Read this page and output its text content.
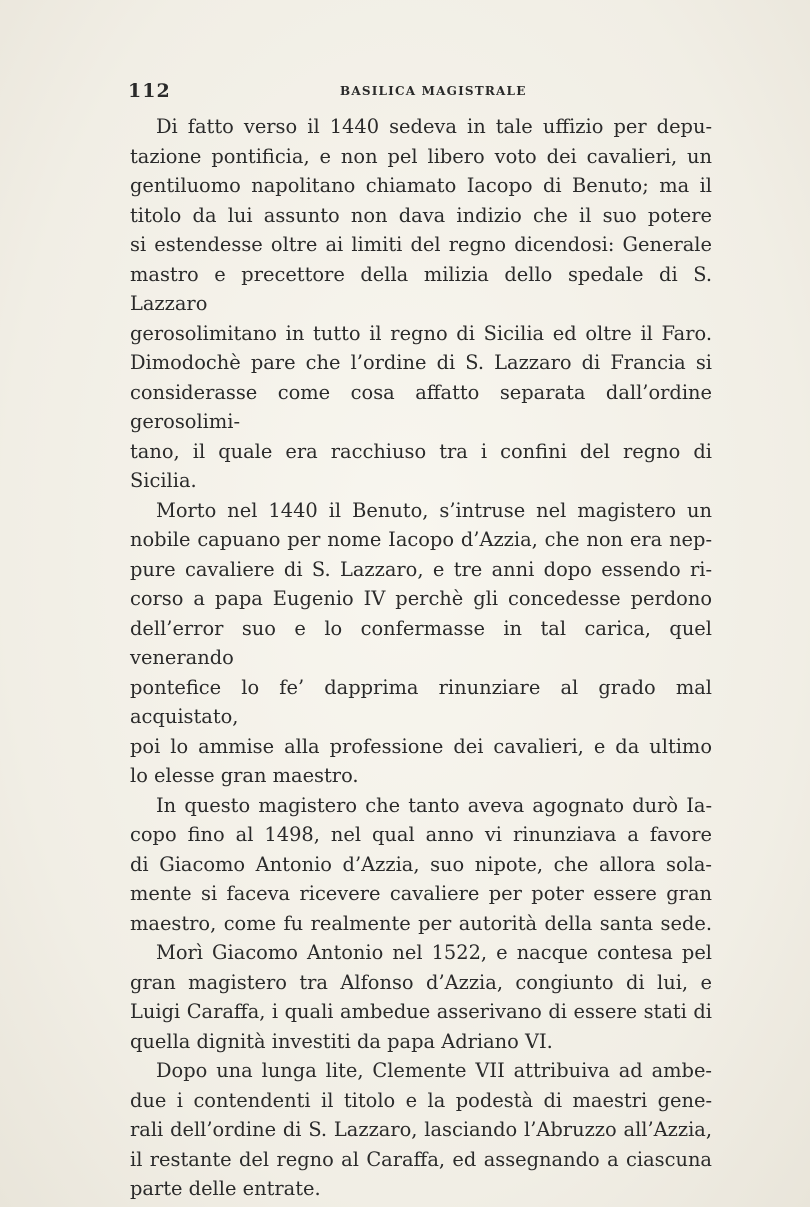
112	BASILICA MAGISTRALE

Di fatto verso il 1440 sedeva in tale uffizio per depu-
tazione pontificia, e non pel libero voto dei cavalieri, un
gentiluomo napolitano chiamato Iacopo di Benuto; ma il
titolo da lui assunto non dava indizio che il suo potere
si estendesse oltre ai limiti del regno dicendosi: Generale
mastro e precettore della milizia dello spedale di S. Lazzaro
gerosolimitano in tutto il regno di Sicilia ed oltre il Faro.
Dimodochè pare che l’ordine di S. Lazzaro di Francia si
considerasse come cosa affatto separata dall’ordine gerosolimi-
tano, il quale era racchiuso tra i confini del regno di Sicilia.

Morto nel 1440 il Benuto, s’intruse nel magistero un
nobile capuano per nome Iacopo d’Azzia, che non era nep-
pure cavaliere di S. Lazzaro, e tre anni dopo essendo ri-
corso a papa Eugenio IV perchè gli concedesse perdono
dell’error suo e lo confermasse in tal carica, quel venerando
pontefice lo fe’ dapprima rinunziare al grado mal acquistato,
poi lo ammise alla professione dei cavalieri, e da ultimo
lo elesse gran maestro.

In questo magistero che tanto aveva agognato durò Ia-
copo fino al 1498, nel qual anno vi rinunziava a favore
di Giacomo Antonio d’Azzia, suo nipote, che allora sola-
mente si faceva ricevere cavaliere per poter essere gran
maestro, come fu realmente per autorità della santa sede.

Morì Giacomo Antonio nel 1522, e nacque contesa pel
gran magistero tra Alfonso d’Azzia, congiunto di lui, e
Luigi Caraffa, i quali ambedue asserivano di essere stati di
quella dignità investiti da papa Adriano VI.

Dopo una lunga lite, Clemente VII attribuiva ad ambe-
due i contendenti il titolo e la podestà di maestri gene-
rali dell’ordine di S. Lazzaro, lasciando l’Abruzzo all’Azzia,
il restante del regno al Caraffa, ed assegnando a ciascuna
parte delle entrate.
